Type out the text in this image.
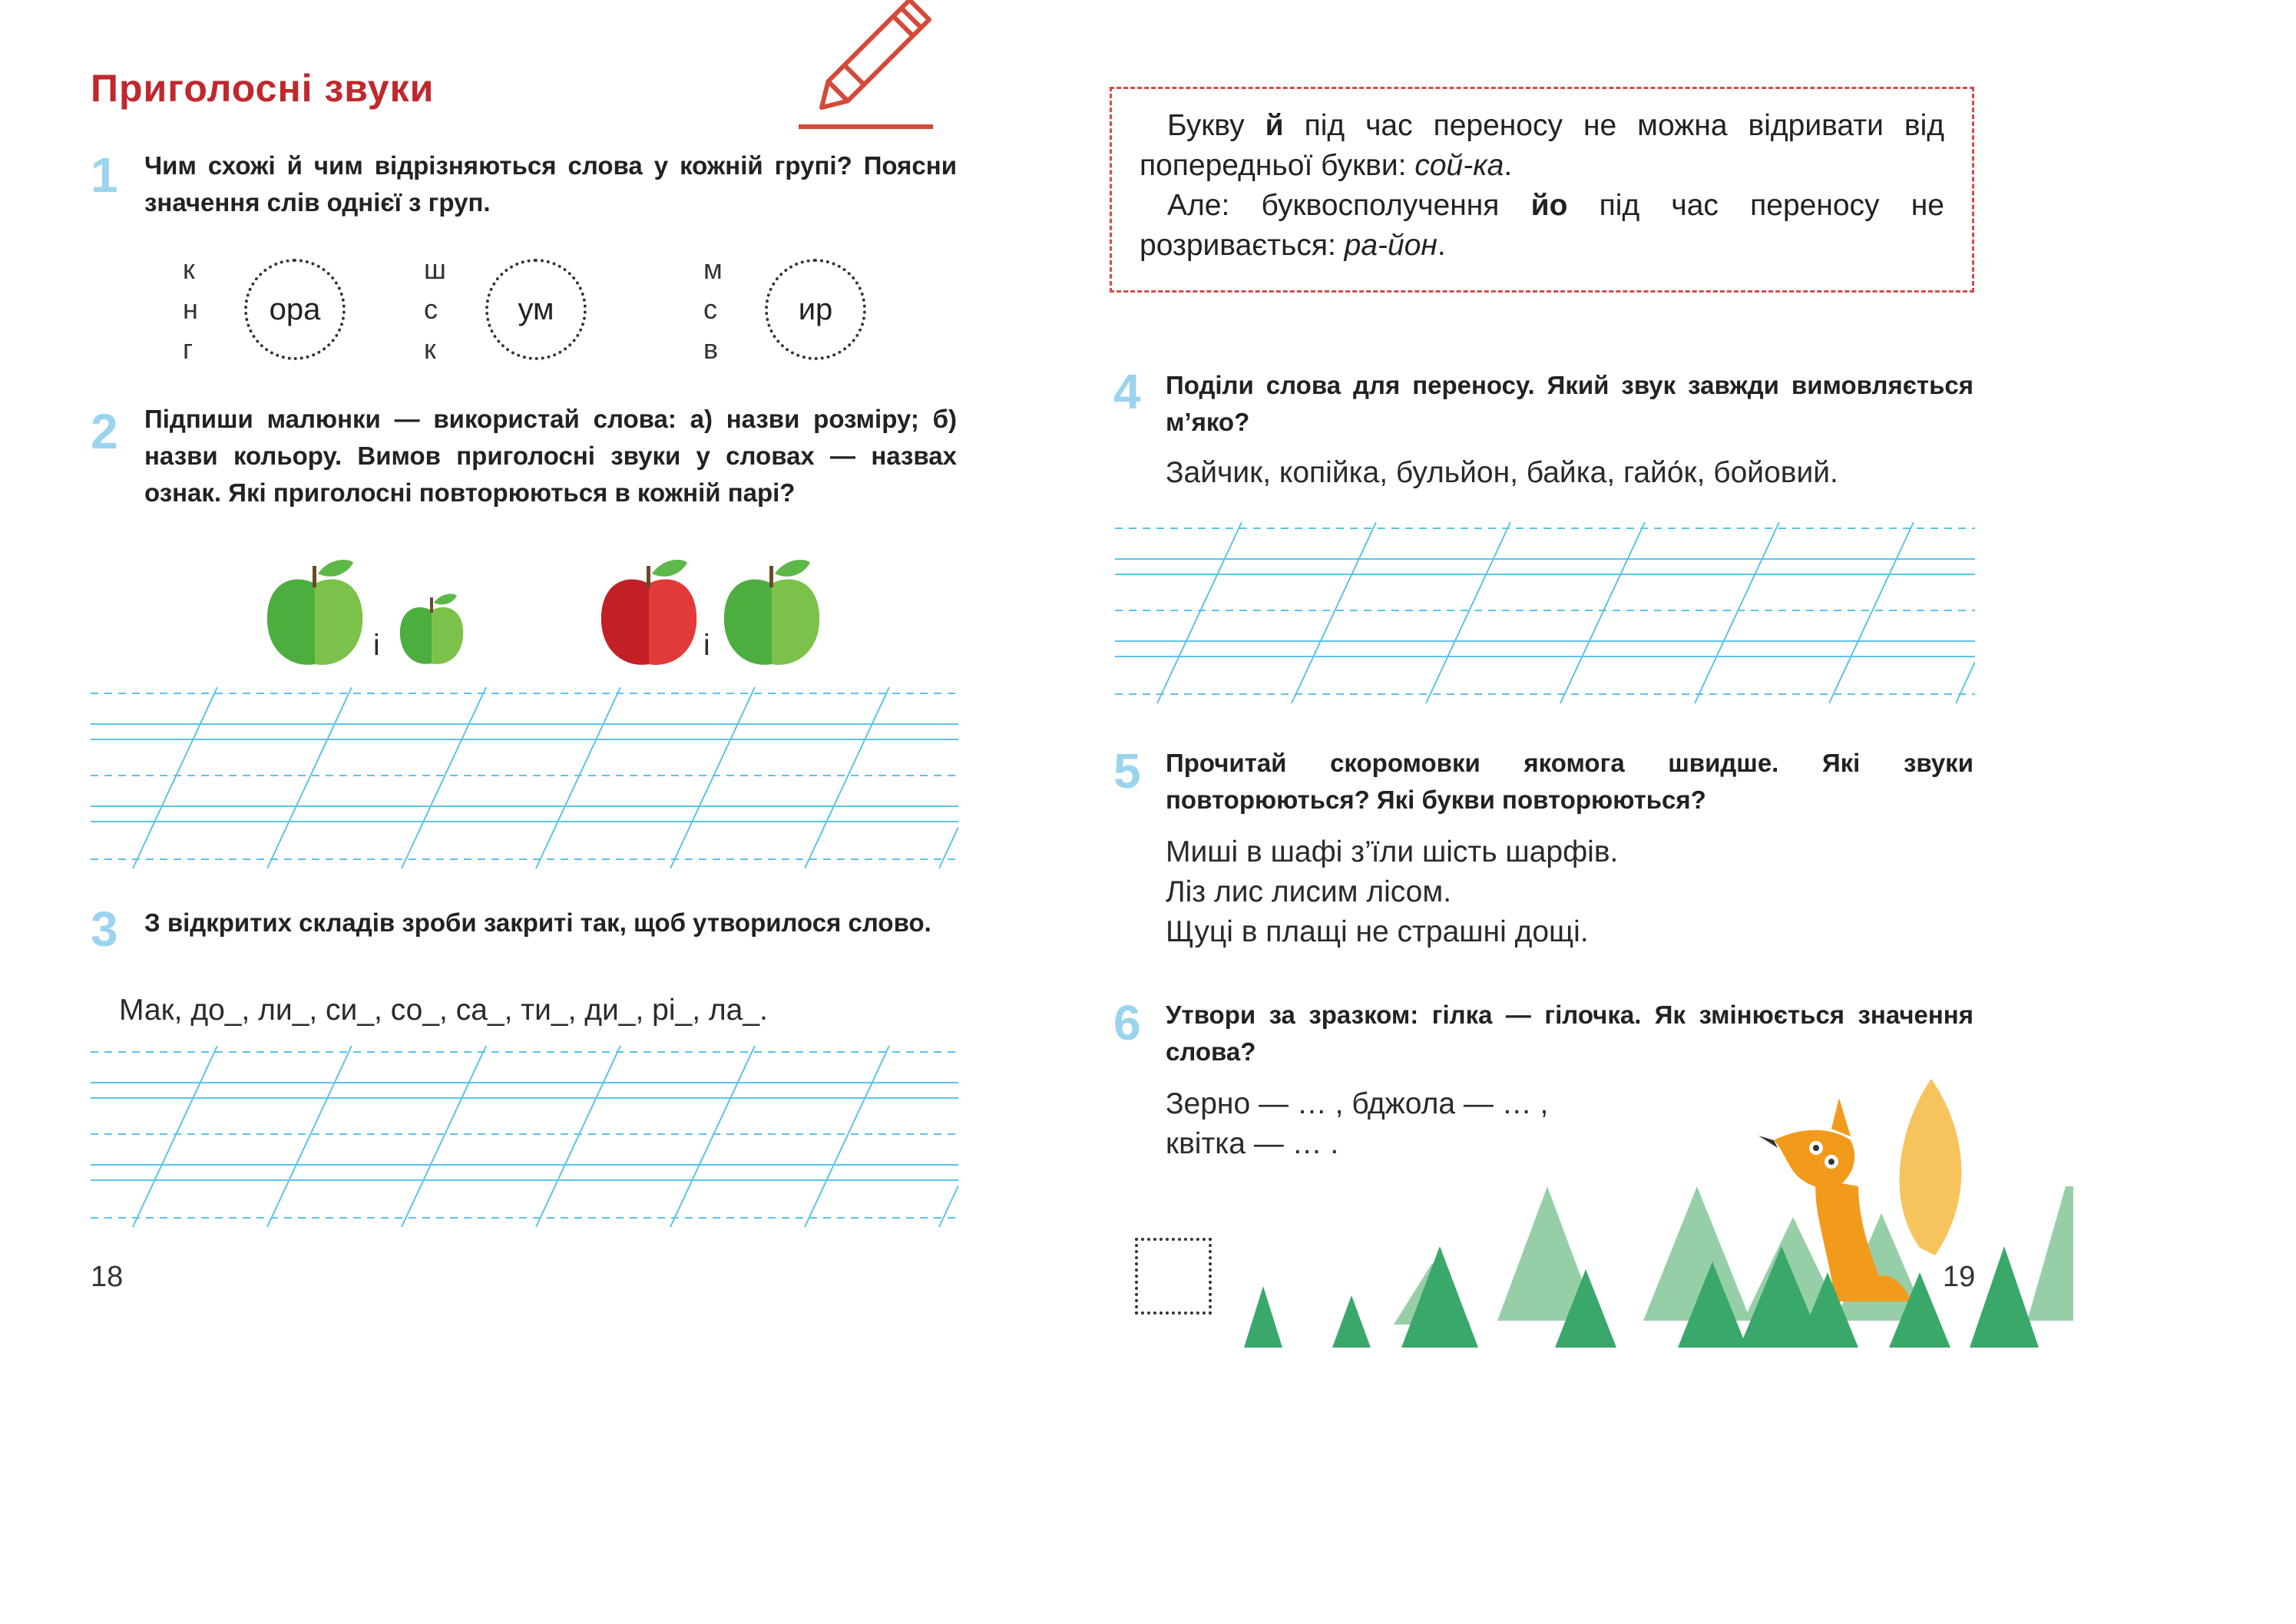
Приголосні звуки
1 Чим схожі й чим відрізняються слова у кожній групі? Поясни значення слів однієї з груп.
к
н
г
ора
ш
с
к
ум
м
с
в
ир
2 Підпиши малюнки — використай слова: а) назви розміру; б) назви кольору. Вимов приголосні звуки у словах — назвах ознак. Які приголосні повторюються в кожній парі?
і	і
3 З відкритих складів зроби закриті так, щоб утворилося слово.
Мак, до_, ли_, си_, со_, са_, ти_, ди_, рі_, ла_.
18
Букву й під час переносу не можна відривати від попередньої букви: сой-ка.
Але: буквосполучення йо під час переносу не розривається: ра-йон.
4 Поділи слова для переносу. Який звук завжди вимовляється м’яко?
Зайчик, копійка, бульйон, байка, гайо́к, бойовий.
5 Прочитай скоромовки якомога швидше. Які звуки повторюються? Які букви повторюються?
Миші в шафі з’їли шість шарфів.
Ліз лис лисим лісом.
Щуці в плащі не страшні дощі.
6 Утвори за зразком: гілка — гілочка. Як змінюється значення слова?
Зерно — … , бджола — … ,
квітка — … .
19
